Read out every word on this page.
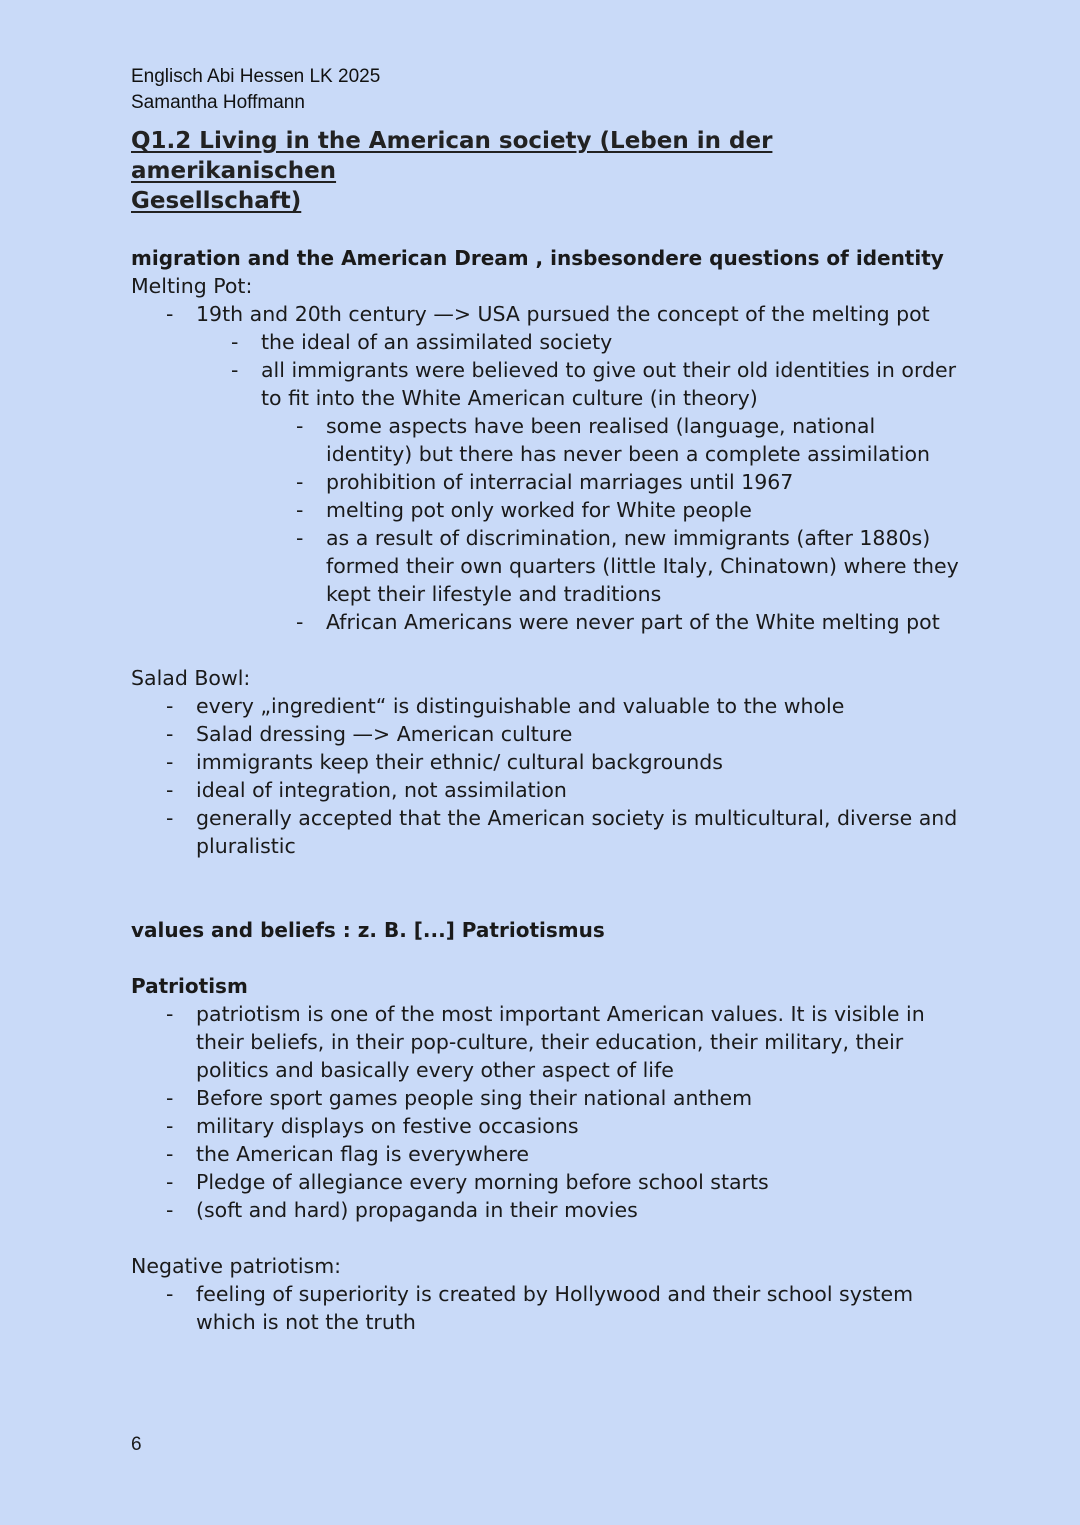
Englisch Abi Hessen LK 2025
Samantha Hoffmann
Q1.2 Living in the American society (Leben in der amerikanischen
Gesellschaft)
migration and the American Dream , insbesondere questions of identity
Melting Pot:
- 19th and 20th century —> USA pursued the concept of the melting pot
- the ideal of an assimilated society
- all immigrants were believed to give out their old identities in order to fit into the White American culture (in theory)
- some aspects have been realised (language, national identity) but there has never been a complete assimilation
- prohibition of interracial marriages until 1967
- melting pot only worked for White people
- as a result of discrimination, new immigrants (after 1880s) formed their own quarters (little Italy, Chinatown) where they kept their lifestyle and traditions
- African Americans were never part of the White melting pot
Salad Bowl:
- every „ingredient“ is distinguishable and valuable to the whole
- Salad dressing —> American culture
- immigrants keep their ethnic/ cultural backgrounds
- ideal of integration, not assimilation
- generally accepted that the American society is multicultural, diverse and pluralistic
values and beliefs : z. B. [...] Patriotismus
Patriotism
- patriotism is one of the most important American values. It is visible in their beliefs, in their pop-culture, their education, their military, their politics and basically every other aspect of life
- Before sport games people sing their national anthem
- military displays on festive occasions
- the American flag is everywhere
- Pledge of allegiance every morning before school starts
- (soft and hard) propaganda in their movies
Negative patriotism:
- feeling of superiority is created by Hollywood and their school system which is not the truth
6
